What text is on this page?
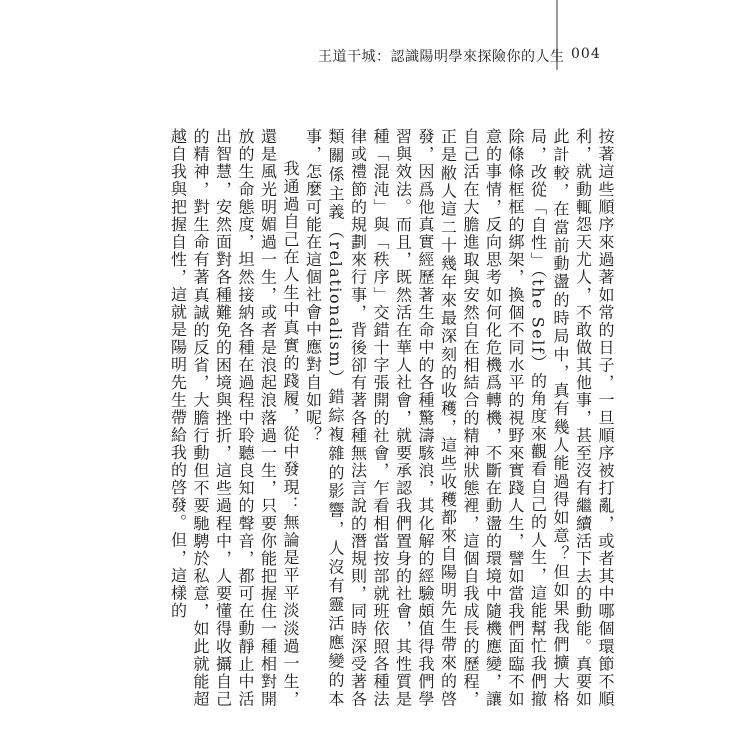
王道干城：認識陽明學來探險你的人生 004

按著這些順序來過著如常的日子，一旦順序被打亂，或者其中哪個環節不順利，就動輒怨天尤人，不敢做其他事，甚至沒有繼續活下去的動能。真要如此計較，在當前動盪的時局中，真有幾人能過得如意？但如果我們擴大格局，改從「自性」（the Self）的角度來觀看自己的人生，這能幫忙我們撤除條條框框的綁架，換個不同水平的視野來實踐人生，譬如當我們面臨不如意的事情，反向思考如何化危機爲轉機，不斷在動盪的環境中隨機應變，讓自己活在大膽進取與安然自在相結合的精神狀態裡，這個自我成長的歷程，正是敝人這二十幾年來最深刻的收穫，這些收穫都來自陽明先生帶來的啓發，因爲他真實經歷著生命中的各種驚濤駭浪，其化解的經驗頗值得我們學習與效法。而且，既然活在華人社會，就要承認我們置身的社會，其性質是種「混沌」與「秩序」交錯十字張開的社會，乍看相當按部就班依照各種法律或禮節的規劃來行事，背後卻有著各種無法言說的潛規則，同時深受著各類關係主義（relationalism）錯綜複雜的影響，人沒有靈活應變的本事，怎麼可能在這個社會中應對自如呢？

我通過自己在人生中真實的踐履，從中發現：無論是平平淡淡過一生，還是風光明媚過一生，或者是浪起浪落過一生，只要你能把握住一種相對開放的生命態度，坦然接納各種在過程中聆聽良知的聲音，都可在動靜止中活出智慧，安然面對各種難免的困境與挫折，這些過程中，人要懂得收攝自己的精神，對生命有著真誠的反省，大膽行動但不要馳騁於私意，如此就能超越自我與把握自性，這就是陽明先生帶給我的啓發。但，這樣的
